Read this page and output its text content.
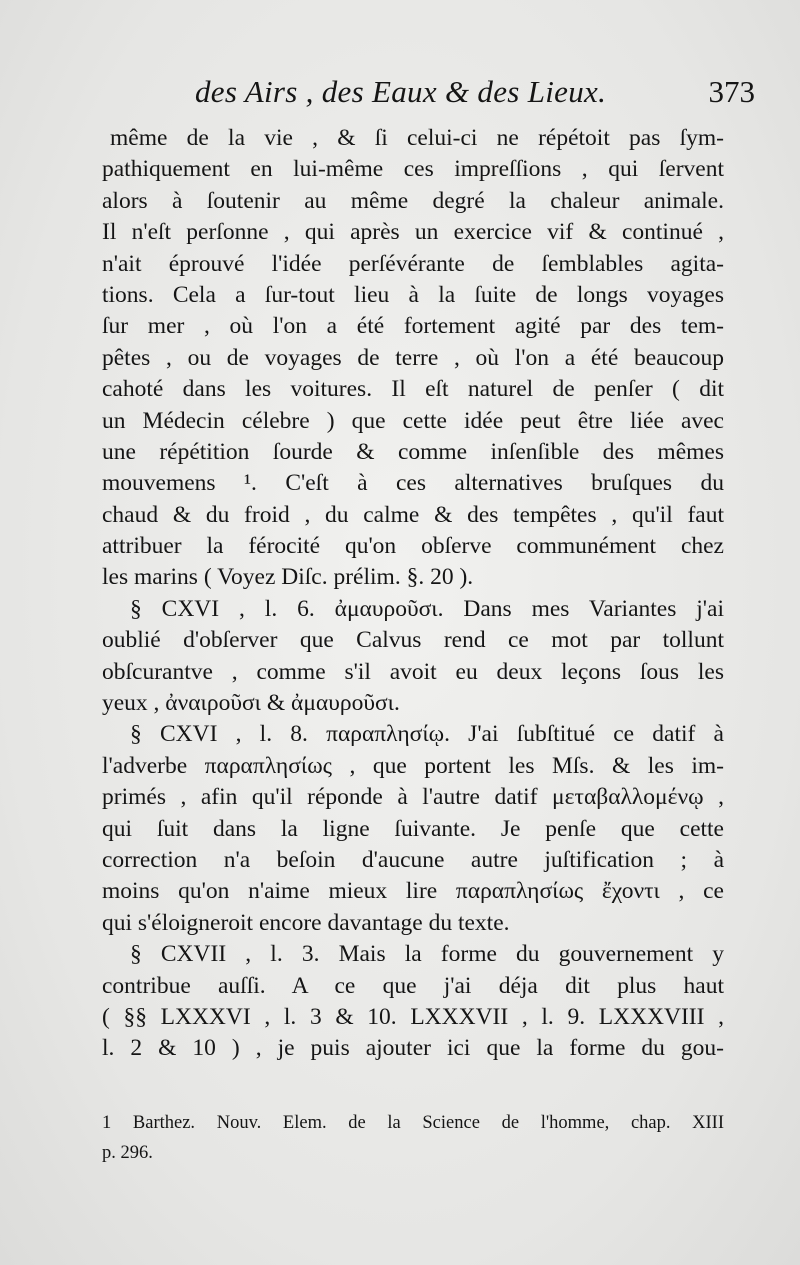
des Airs , des Eaux & des Lieux.	373
même de la vie , & ſi celui-ci ne répétoit pas ſym-
pathiquement en lui-même ces impreſſions , qui ſervent
alors à ſoutenir au même degré la chaleur animale.
Il n'eſt perſonne , qui après un exercice vif & continué ,
n'ait éprouvé l'idée perſévérante de ſemblables agita-
tions. Cela a ſur-tout lieu à la ſuite de longs voyages
ſur mer , où l'on a été fortement agité par des tem-
pêtes , ou de voyages de terre , où l'on a été beaucoup
cahoté dans les voitures. Il eſt naturel de penſer ( dit
un Médecin célebre ) que cette idée peut être liée avec
une répétition ſourde & comme inſenſible des mêmes
mouvemens ¹. C'eſt à ces alternatives bruſques du
chaud & du froid , du calme & des tempêtes , qu'il faut
attribuer la férocité qu'on obſerve communément chez
les marins ( Voyez Diſc. prélim. §. 20 ).
§ CXVI , l. 6. ἀμαυροῦσι. Dans mes Variantes j'ai
oublié d'obſerver que Calvus rend ce mot par tollunt
obſcurantve , comme s'il avoit eu deux leçons ſous les
yeux , ἀναιροῦσι & ἀμαυροῦσι.
§ CXVI , l. 8. παραπλησίῳ. J'ai ſubſtitué ce datif à
l'adverbe παραπλησίως , que portent les Mſs. & les im-
primés , afin qu'il réponde à l'autre datif μεταβαλλομένῳ ,
qui ſuit dans la ligne ſuivante. Je penſe que cette
correction n'a beſoin d'aucune autre juſtification ; à
moins qu'on n'aime mieux lire παραπλησίως ἔχοντι , ce
qui s'éloigneroit encore davantage du texte.
§ CXVII , l. 3. Mais la forme du gouvernement y
contribue auſſi. A ce que j'ai déja dit plus haut
( §§ LXXXVI , l. 3 & 10. LXXXVII , l. 9. LXXXVIII ,
l. 2 & 10 ) , je puis ajouter ici que la forme du gou-
1 Barthez. Nouv. Elem. de la Science de l'homme, chap. XIII
p. 296.
